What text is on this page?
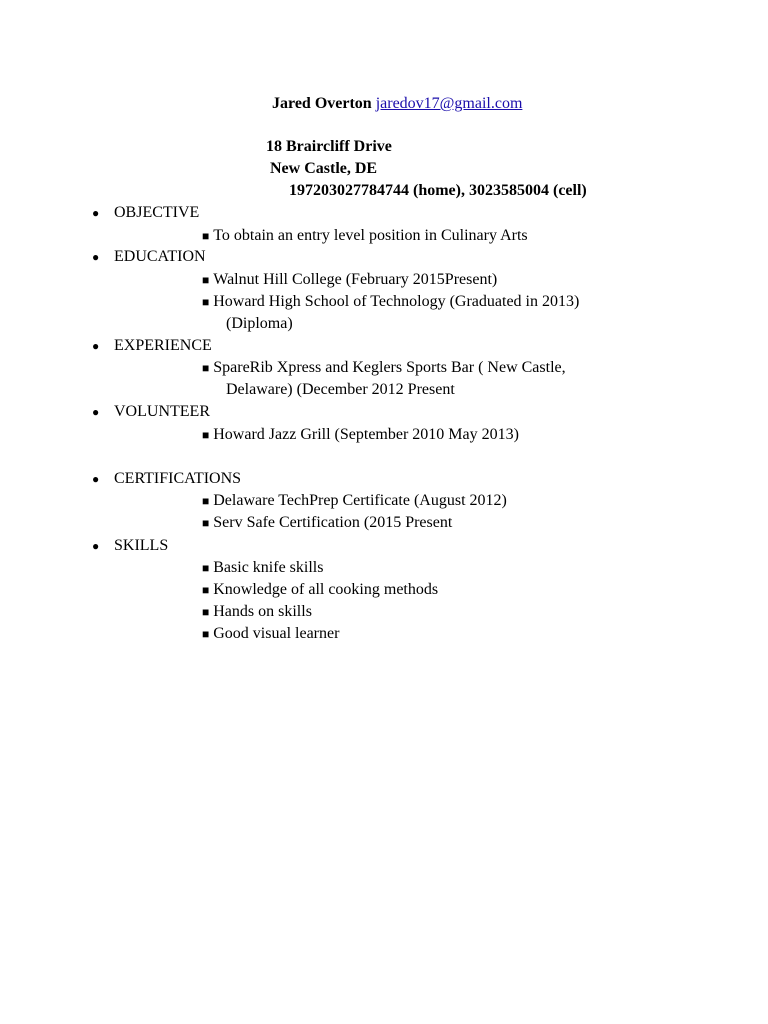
Jared Overton jaredov17@gmail.com
18 Braircliff Drive
New Castle, DE
197203027784744 (home), 3023585004 (cell)
● OBJECTIVE
■ To obtain an entry level position in Culinary Arts
● EDUCATION
■ Walnut Hill College (February 2015Present)
■ Howard High School of Technology (Graduated in 2013)
(Diploma)
● EXPERIENCE
■ SpareRib Xpress and Keglers Sports Bar ( New Castle,
Delaware) (December 2012 Present
● VOLUNTEER
■ Howard Jazz Grill (September 2010 May 2013)
● CERTIFICATIONS
■ Delaware TechPrep Certificate (August 2012)
■ Serv Safe Certification (2015 Present
● SKILLS
■ Basic knife skills
■ Knowledge of all cooking methods
■ Hands on skills
■ Good visual learner
